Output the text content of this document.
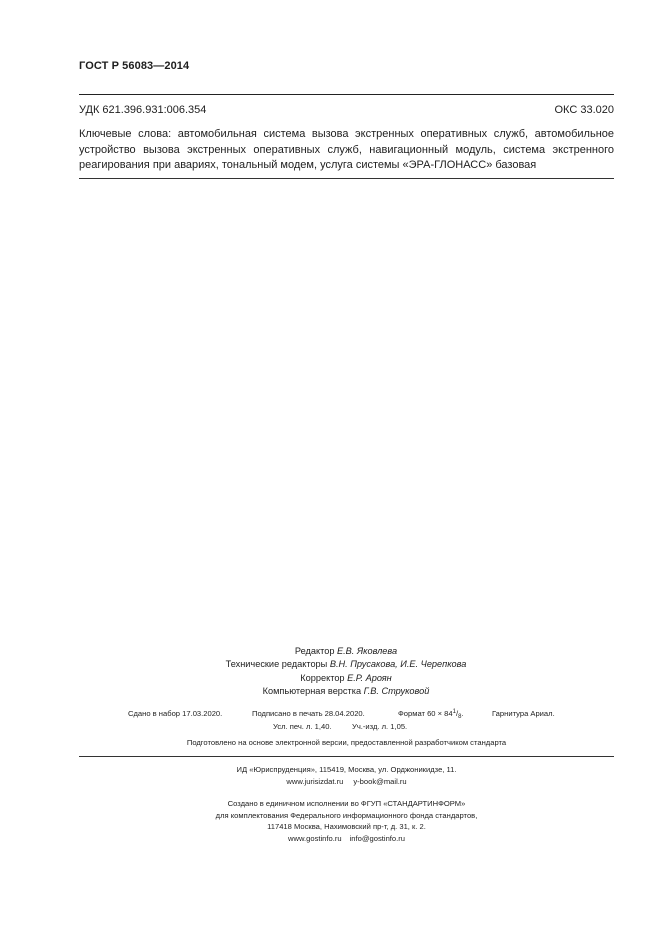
ГОСТ Р 56083—2014
УДК 621.396.931:006.354	ОКС 33.020
Ключевые слова: автомобильная система вызова экстренных оперативных служб, автомобильное устройство вызова экстренных оперативных служб, навигационный модуль, система экстренного реагирования при авариях, тональный модем, услуга системы «ЭРА-ГЛОНАСС» базовая
Редактор Е.В. Яковлева
Технические редакторы В.Н. Прусакова, И.Е. Черепкова
Корректор Е.Р. Ароян
Компьютерная верстка Г.В. Струковой
Сдано в набор 17.03.2020.	Подписано в печать 28.04.2020.	Формат $60 \times 84^1/_8$.	Гарнитура Ариал.
Усл. печ. л. 1,40.	Уч.-изд. л. 1,05.
Подготовлено на основе электронной версии, предоставленной разработчиком стандарта
ИД «Юриспруденция», 115419, Москва, ул. Орджоникидзе, 11.
www.jurisizdat.ru y-book@mail.ru
Создано в единичном исполнении во ФГУП «СТАНДАРТИНФОРМ»
для комплектования Федерального информационного фонда стандартов,
117418 Москва, Нахимовский пр-т, д. 31, к. 2.
www.gostinfo.ru info@gostinfo.ru
